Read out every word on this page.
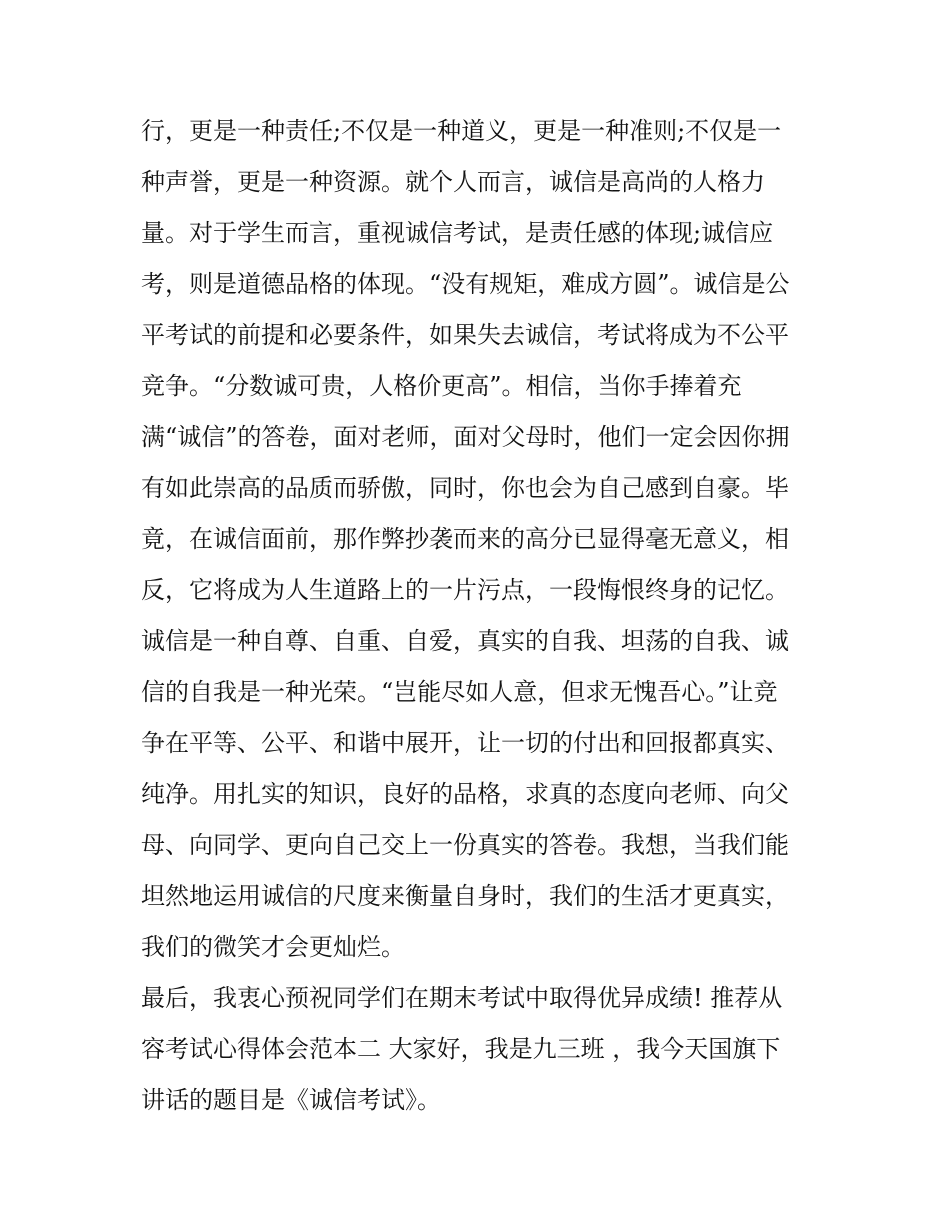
行，更是一种责任;不仅是一种道义，更是一种准则;不仅是一
种声誉，更是一种资源。就个人而言，诚信是高尚的人格力
量。对于学生而言，重视诚信考试，是责任感的体现;诚信应
考，则是道德品格的体现。“没有规矩，难成方圆”。诚信是公
平考试的前提和必要条件，如果失去诚信，考试将成为不公平
竞争。“分数诚可贵，人格价更高”。相信，当你手捧着充
满“诚信”的答卷，面对老师，面对父母时，他们一定会因你拥
有如此崇高的品质而骄傲，同时，你也会为自己感到自豪。毕
竟，在诚信面前，那作弊抄袭而来的高分已显得毫无意义，相
反，它将成为人生道路上的一片污点，一段悔恨终身的记忆。
诚信是一种自尊、自重、自爱，真实的自我、坦荡的自我、诚
信的自我是一种光荣。“岂能尽如人意，但求无愧吾心。”让竞
争在平等、公平、和谐中展开，让一切的付出和回报都真实、
纯净。用扎实的知识，良好的品格，求真的态度向老师、向父
母、向同学、更向自己交上一份真实的答卷。我想，当我们能
坦然地运用诚信的尺度来衡量自身时，我们的生活才更真实，
我们的微笑才会更灿烂。
最后，我衷心预祝同学们在期末考试中取得优异成绩! 推荐从
容考试心得体会范本二 大家好，我是九三班 ，我今天国旗下
讲话的题目是《诚信考试》。
